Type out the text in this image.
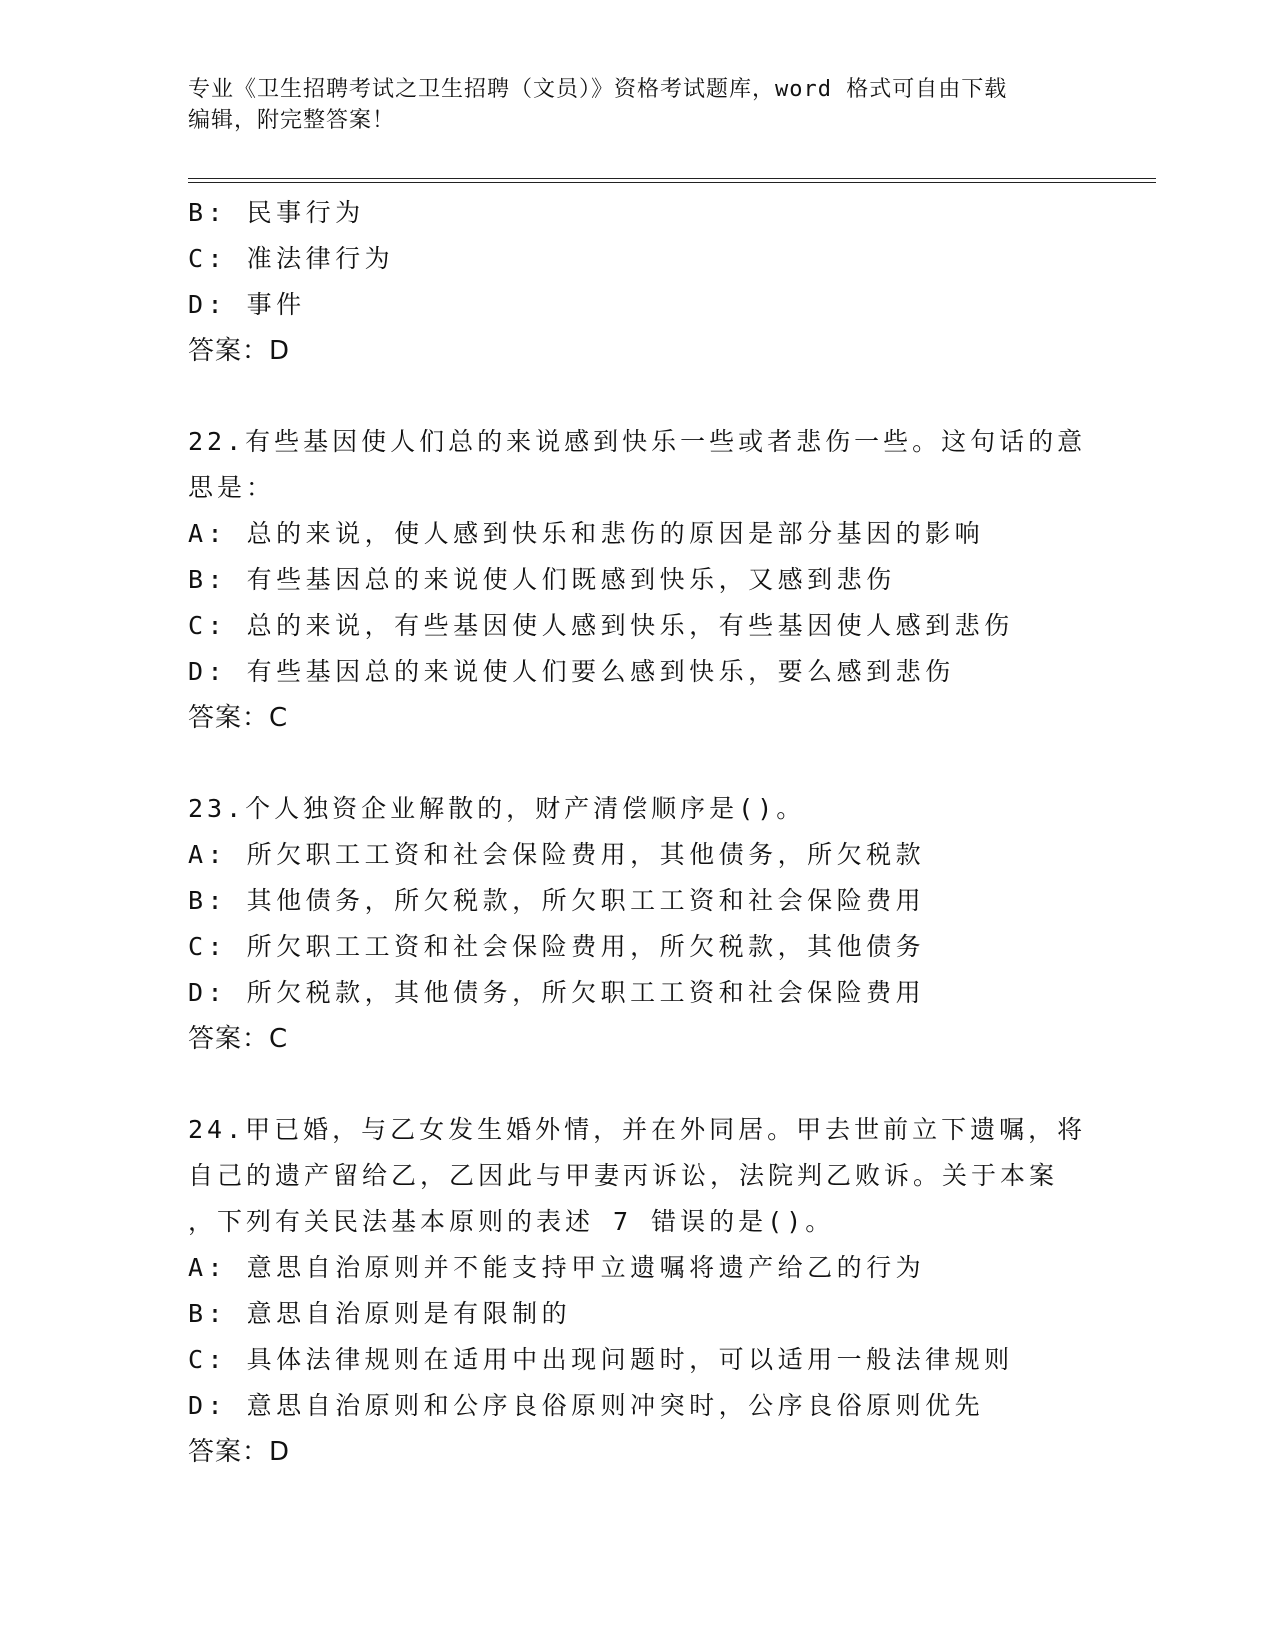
专业《卫生招聘考试之卫生招聘（文员）》资格考试题库，word 格式可自由下载
编辑，附完整答案！
B: 民事行为
C: 准法律行为
D: 事件
答案：D
22.有些基因使人们总的来说感到快乐一些或者悲伤一些。这句话的意
思是：
A: 总的来说，使人感到快乐和悲伤的原因是部分基因的影响
B: 有些基因总的来说使人们既感到快乐，又感到悲伤
C: 总的来说，有些基因使人感到快乐，有些基因使人感到悲伤
D: 有些基因总的来说使人们要么感到快乐，要么感到悲伤
答案：C
23.个人独资企业解散的，财产清偿顺序是()。
A: 所欠职工工资和社会保险费用，其他债务，所欠税款
B: 其他债务，所欠税款，所欠职工工资和社会保险费用
C: 所欠职工工资和社会保险费用，所欠税款，其他债务
D: 所欠税款，其他债务，所欠职工工资和社会保险费用
答案：C
24.甲已婚，与乙女发生婚外情，并在外同居。甲去世前立下遗嘱，将
自己的遗产留给乙，乙因此与甲妻丙诉讼，法院判乙败诉。关于本案
，下列有关民法基本原则的表述 7 错误的是()。
A: 意思自治原则并不能支持甲立遗嘱将遗产给乙的行为
B: 意思自治原则是有限制的
C: 具体法律规则在适用中出现问题时，可以适用一般法律规则
D: 意思自治原则和公序良俗原则冲突时，公序良俗原则优先
答案：D
